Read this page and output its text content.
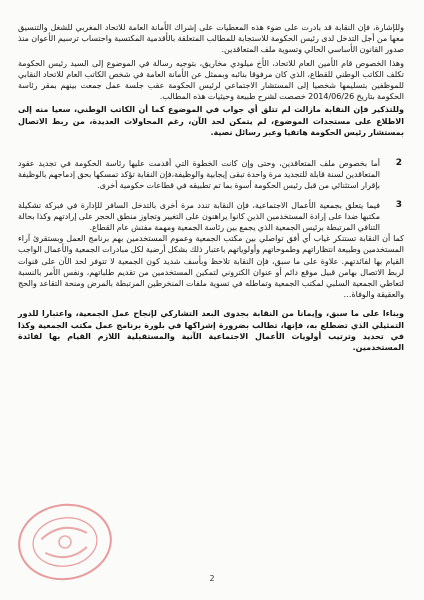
وللإشارة، فإن النقابة قد بادرت على ضوء هذه المعطيات على إشراك الأمانة العامة للاتحاد المغربي للشغل والتنسيق معها من أجل التدخل لدى رئيس الحكومة للاستجابة للمطالب المتعلقة بالأقدمية المكتسبة واحتساب ترسيم الأعوان منذ صدور القانون الأساسي الحالي وتسوية ملف المتعاقدين.

وهذا الخصوص قام الأمين العام للاتحاد، الأخ ميلودي مخاريق، بتوجيه رسالة في الموضوع إلى السيد رئيس الحكومة تكلف الكاتب الوطني للقطاع، الذي كان مرفوقا بنائبه وبممثل عن الأمانة العامة في شخص الكاتب العام للاتحاد النقابي للموظفين بتسليمها شخصيا إلى المستشار الاجتماعي لرئيس الحكومة عقب جلسة عمل جمعت بينهم بمقر رئاسة الحكومة بتاريخ 2014/06/26 خصصت لشرح طبيعة وحيثيات هذه المطالب.

وللتذكير فإن النقابة مازالت لم تتلق أي جواب في الموضوع كما أن الكاتب الوطني، سعيا منه إلى الاطلاع على مستجدات الموضوع، لم يتمكن لحد الآن، رغم المحاولات العديدة، من ربط الاتصال بمستشار رئيس الحكومة هاتفيا وعبر رسائل نصية.

2

أما بخصوص ملف المتعاقدين، وحتى وإن كانت الخطوة التي أقدمت عليها رئاسة الحكومة في تجديد عقود المتعاقدين لسنة قابلة للتجديد مرة واحدة تبقى إيجابية والوظيفة،فإن النقابة تؤكد تمسكها بحق إدماجهم بالوظيفة بإقرار استثنائي من قبل رئيس الحكومة أسوة بما تم تطبيقه في قطاعات حكومية أخرى.

3

فيما يتعلق بجمعية الأعمال الاجتماعية، فإن النقابة تندد مرة أخرى بالتدخل السافر للإدارة في فبركة تشكيلة مكتبها ضدا على إرادة المستخدمين الذين كانوا يراهنون على التغيير وتجاوز منطق الحجر على إرادتهم وكذا بحالة التنافي المرتبطة برئيس الجمعية الذي يجمع بين رئاسة الجمعية ومهمة مفتش عام القطاع.

كما أن النقابة تستنكر غياب أي أفق تواصلي بين مكتب الجمعية وعموم المستخدمين بهم برنامج العمل وبستقرئ آراء المستخدمين وطبيعة انتظاراتهم وطموحاتهم وأولوياتهم باعتبار ذلك بشكل أرضية لكل مبادرات الجمعية والأعمال الواجب القيام بها لفائدتهم. علاوة على ما سبق، فإن النقابة تلاحظ وبأسف شديد كون الجمعية لا تتوفر لحد الآن على قنوات لربط الاتصال بهامن قبيل موقع دائم أو عنوان الكتروني لتمكين المستخدمين من تقديم طلباتهم، ونفس الأمر بالنسبة لتعاطي الجمعية السلبي لمكتب الجمعية وتماطله في تسوية ملفات المنخرطين المرتبطة بالمرض ومنحة التقاعد والحج والعقيقة والوفاة…

وبناءا على ما سبق، وإيمانا من النقابة بجدوى البعد التشاركي لإنجاح عمل الجمعية، واعتبارا للدور التمثيلي الذي تضطلع به، فإنها، تطالب بضرورة إشراكها في بلورة برنامج عمل مكتب الجمعية وكذا في تحديد وترتيب أولويات الأعمال الاجتماعية الآنية والمستقبلية اللازم القيام بها لفائدة المستخدمين.

2
